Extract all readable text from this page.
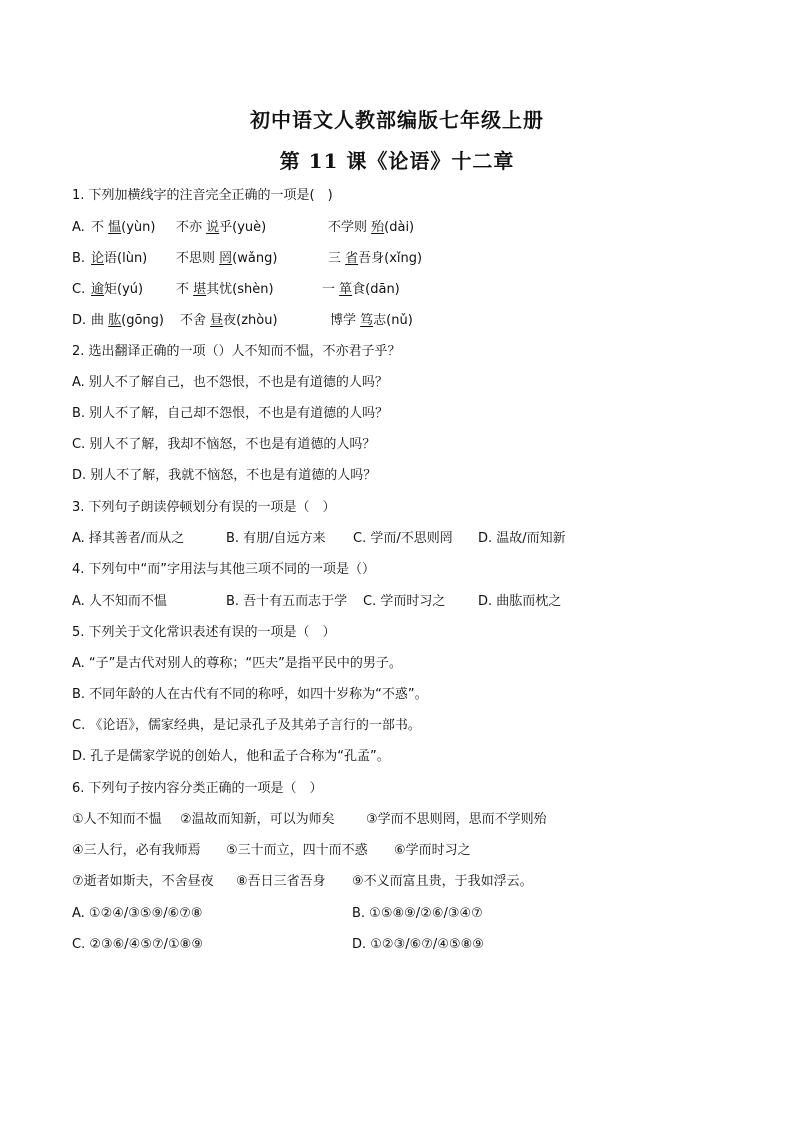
初中语文人教部编版七年级上册
第 11 课《论语》十二章
1. 下列加横线字的注音完全正确的一项是(　)
A. 不 愠(yùn) 不亦 说乎(yuè)	不学则 殆(dài)
B. 论语(lùn) 不思则 罔(wǎng)	三 省吾身(xǐng)
C. 逾矩(yú)	不 堪其忧(shèn)	一 箪食(dān)
D. 曲 肱(gōng) 不舍 昼夜(zhòu)	博学 笃志(nǔ)
2. 选出翻译正确的一项（）人不知而不愠，不亦君子乎？
A. 别人不了解自己，也不怨恨，不也是有道德的人吗？
B. 别人不了解，自己却不怨恨，不也是有道德的人吗？
C. 别人不了解，我却不恼怒，不也是有道德的人吗？
D. 别人不了解，我就不恼怒，不也是有道德的人吗？
3. 下列句子朗读停顿划分有误的一项是（　）
A. 择其善者/而从之	B. 有朋/自远方来 C. 学而/不思则罔 D. 温故/而知新
4. 下列句中“而”字用法与其他三项不同的一项是（）
A. 人不知而不愠	B. 吾十有五而志于学 C. 学而时习之	D. 曲肱而枕之
5. 下列关于文化常识表述有误的一项是（　）
A. “子”是古代对别人的尊称；“匹夫”是指平民中的男子。
B. 不同年龄的人在古代有不同的称呼，如四十岁称为“不惑”。
C. 《论语》，儒家经典，是记录孔子及其弟子言行的一部书。
D. 孔子是儒家学说的创始人，他和孟子合称为“孔孟”。
6. 下列句子按内容分类正确的一项是（　）
①人不知而不愠 ②温故而知新，可以为师矣 ③学而不思则罔，思而不学则殆
④三人行，必有我师焉 ⑤三十而立，四十而不惑 ⑥学而时习之
⑦逝者如斯夫，不舍昼夜 ⑧吾日三省吾身 ⑨不义而富且贵，于我如浮云。
A. ①②④/③⑤⑨/⑥⑦⑧	B. ①⑤⑧⑨/②⑥/③④⑦
C. ②③⑥/④⑤⑦/①⑧⑨	D. ①②③/⑥⑦/④⑤⑧⑨
